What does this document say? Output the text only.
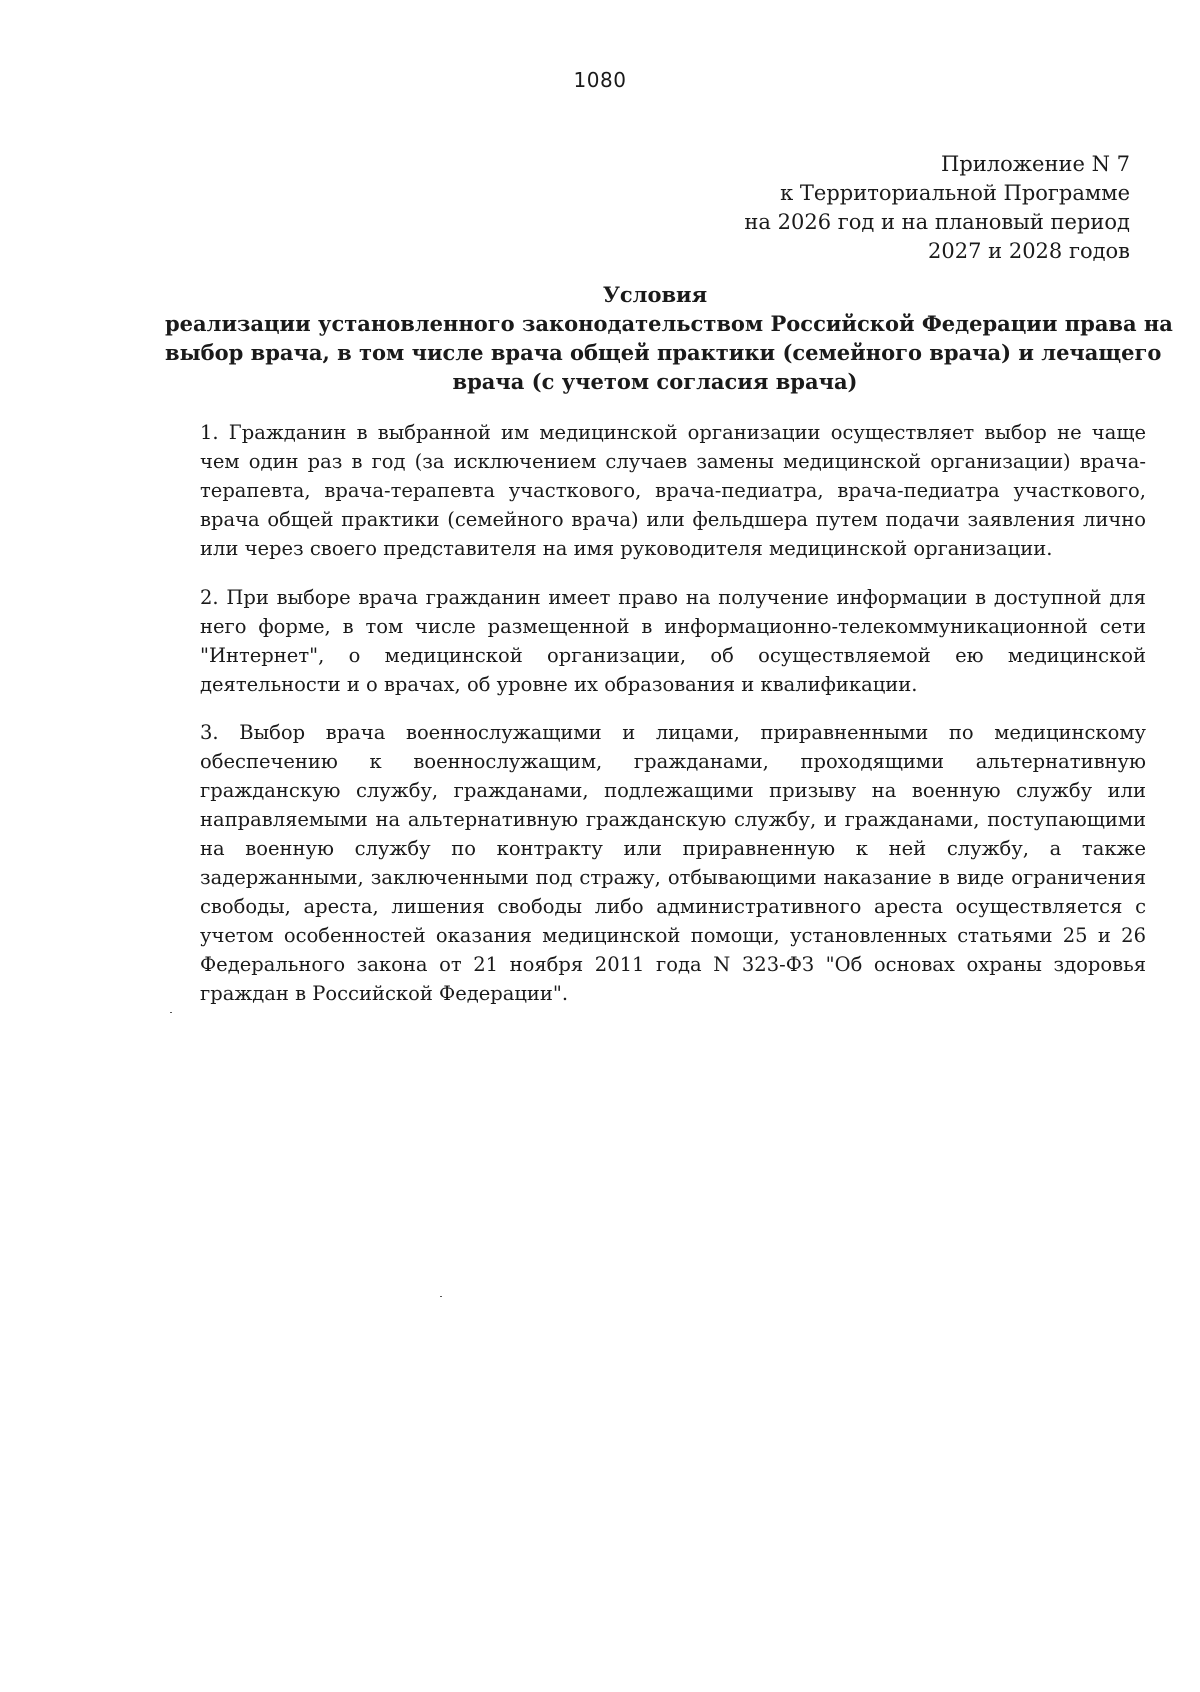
1080
Приложение N 7
к Территориальной Программе
на 2026 год и на плановый период
2027 и 2028 годов
Условия
реализации установленного законодательством Российской Федерации права на
выбор врача, в том числе врача общей практики (семейного врача) и лечащего
врача (с учетом согласия врача)
1. Гражданин в выбранной им медицинской организации осуществляет выбор не чаще чем один раз в год (за исключением случаев замены медицинской организации) врача-терапевта, врача-терапевта участкового, врача-педиатра, врача-педиатра участкового, врача общей практики (семейного врача) или фельдшера путем подачи заявления лично или через своего представителя на имя руководителя медицинской организации.
2. При выборе врача гражданин имеет право на получение информации в доступной для него форме, в том числе размещенной в информационно-телекоммуникационной сети "Интернет", о медицинской организации, об осуществляемой ею медицинской деятельности и о врачах, об уровне их образования и квалификации.
3. Выбор врача военнослужащими и лицами, приравненными по медицинскому обеспечению к военнослужащим, гражданами, проходящими альтернативную гражданскую службу, гражданами, подлежащими призыву на военную службу или направляемыми на альтернативную гражданскую службу, и гражданами, поступающими на военную службу по контракту или приравненную к ней службу, а также задержанными, заключенными под стражу, отбывающими наказание в виде ограничения свободы, ареста, лишения свободы либо административного ареста осуществляется с учетом особенностей оказания медицинской помощи, установленных статьями 25 и 26 Федерального закона от 21 ноября 2011 года N 323-ФЗ "Об основах охраны здоровья граждан в Российской Федерации".
